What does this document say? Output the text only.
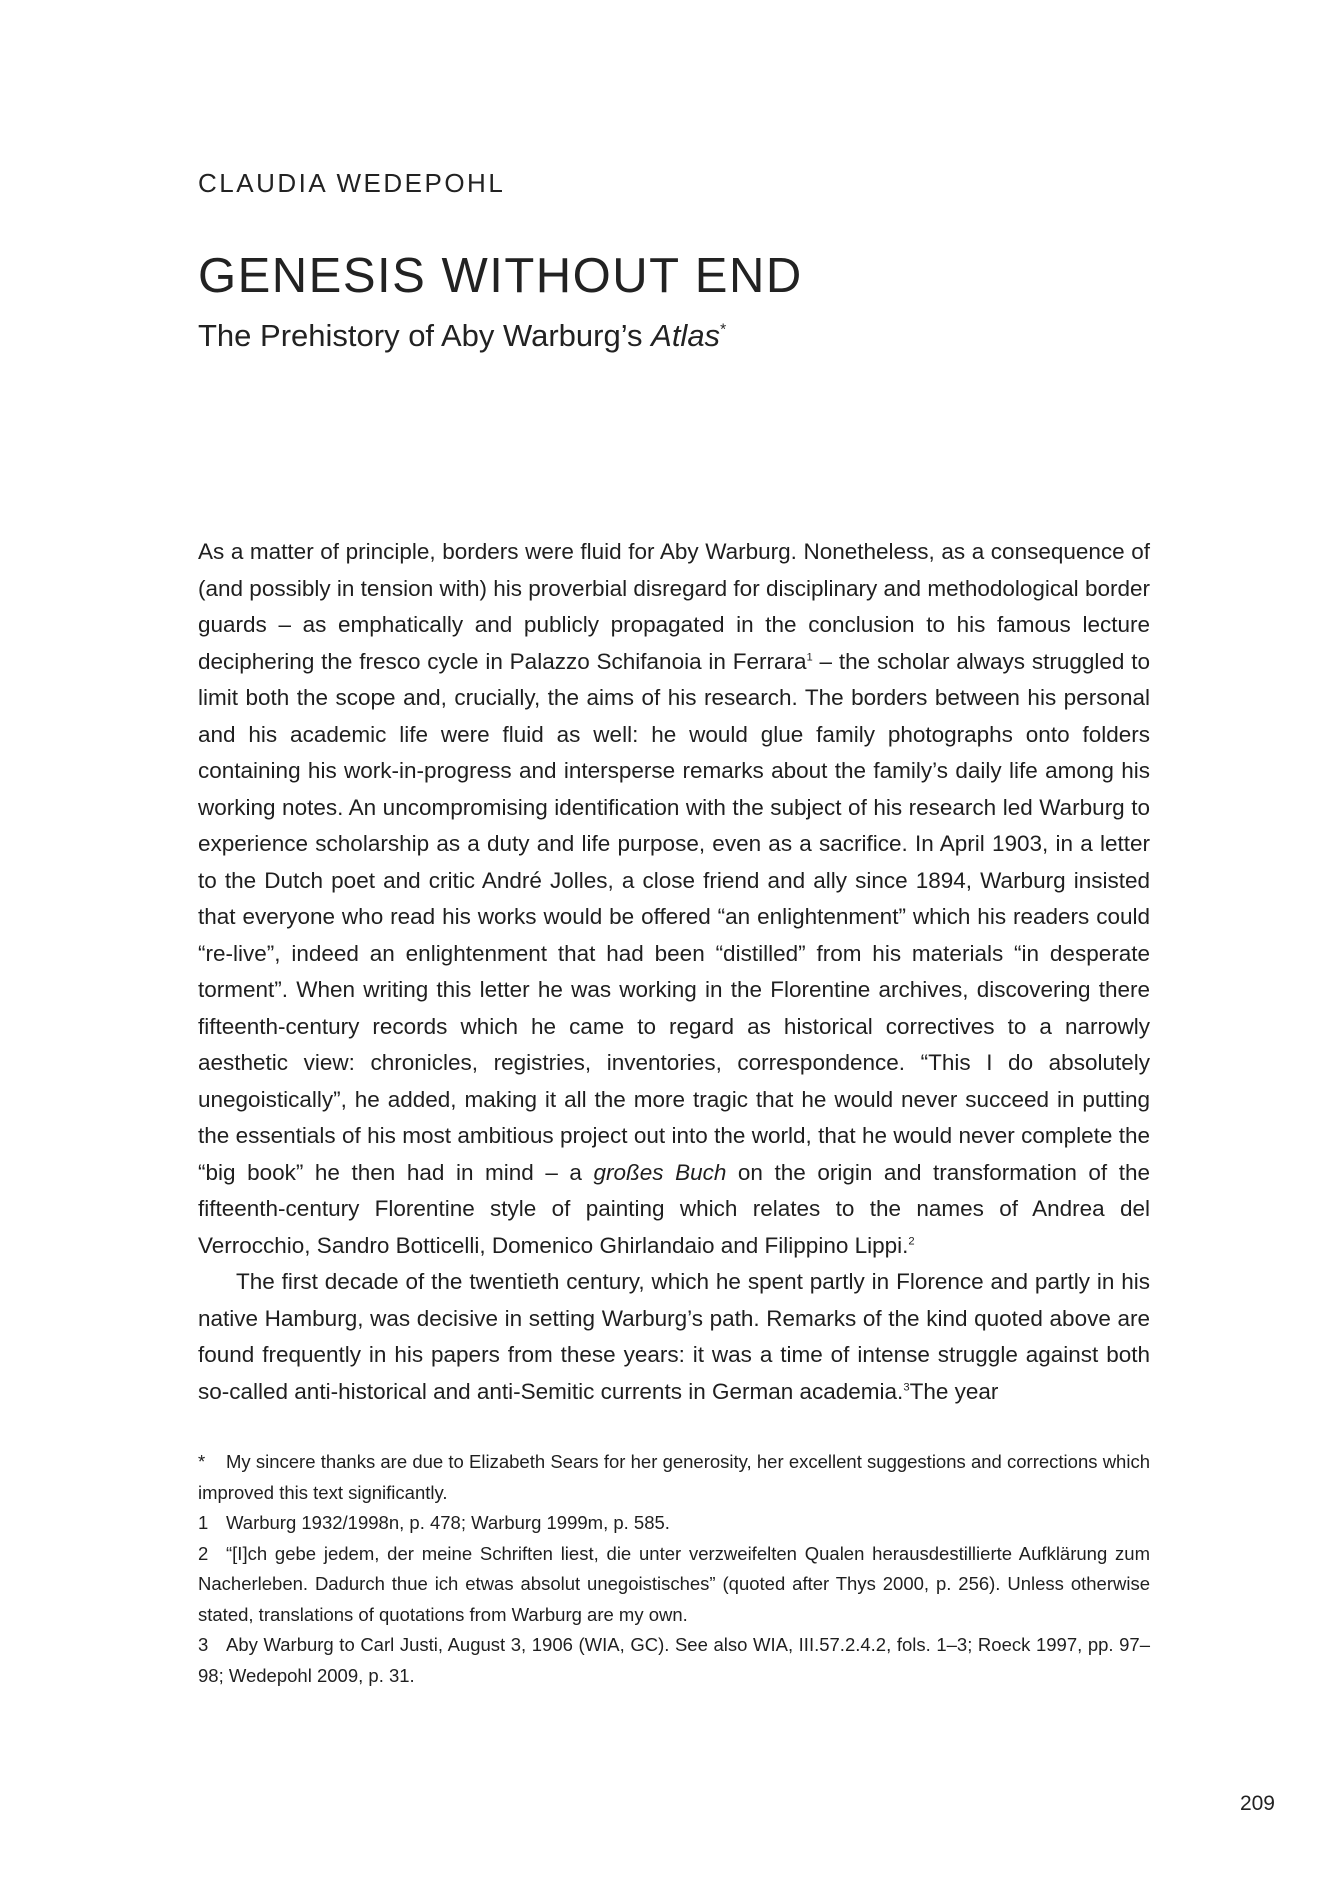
CLAUDIA WEDEPOHL
GENESIS WITHOUT END
The Prehistory of Aby Warburg’s Atlas*

As a matter of principle, borders were fluid for Aby Warburg. Nonetheless, as a consequence of (and possibly in tension with) his proverbial disregard for disciplinary and methodological border guards – as emphatically and publicly propagated in the conclusion to his famous lecture deciphering the fresco cycle in Palazzo Schifanoia in Ferrara$^1$ – the scholar always struggled to limit both the scope and, crucially, the aims of his research. The borders between his personal and his academic life were fluid as well: he would glue family photographs onto folders containing his work-in-progress and intersperse remarks about the family’s daily life among his working notes. An uncompromising identification with the subject of his research led Warburg to experience scholarship as a duty and life purpose, even as a sacrifice. In April 1903, in a letter to the Dutch poet and critic André Jolles, a close friend and ally since 1894, Warburg insisted that everyone who read his works would be offered “an enlightenment” which his readers could “re-live”, indeed an enlightenment that had been “distilled” from his materials “in desperate torment”. When writing this letter he was working in the Florentine archives, discovering there fifteenth-century records which he came to regard as historical correctives to a narrowly aesthetic view: chronicles, registries, inventories, correspondence. “This I do absolutely unegoistically”, he added, making it all the more tragic that he would never succeed in putting the essentials of his most ambitious project out into the world, that he would never complete the “big book” he then had in mind – a großes Buch on the origin and transformation of the fifteenth-century Florentine style of painting which relates to the names of Andrea del Verrocchio, Sandro Botticelli, Domenico Ghirlandaio and Filippino Lippi.$^2$

The first decade of the twentieth century, which he spent partly in Florence and partly in his native Hamburg, was decisive in setting Warburg’s path. Remarks of the kind quoted above are found frequently in his papers from these years: it was a time of intense struggle against both so-called anti-historical and anti-Semitic currents in German academia.$^3$The year

* My sincere thanks are due to Elizabeth Sears for her generosity, her excellent suggestions and corrections which improved this text significantly.

1 Warburg 1932/1998n, p. 478; Warburg 1999m, p. 585.

2 “[I]ch gebe jedem, der meine Schriften liest, die unter verzweifelten Qualen herausdestillierte Aufklärung zum Nacherleben. Dadurch thue ich etwas absolut unegoistisches” (quoted after Thys 2000, p. 256). Unless otherwise stated, translations of quotations from Warburg are my own.

3 Aby Warburg to Carl Justi, August 3, 1906 (WIA, GC). See also WIA, III.57.2.4.2, fols. 1–3; Roeck 1997, pp. 97–98; Wedepohl 2009, p. 31.

209
